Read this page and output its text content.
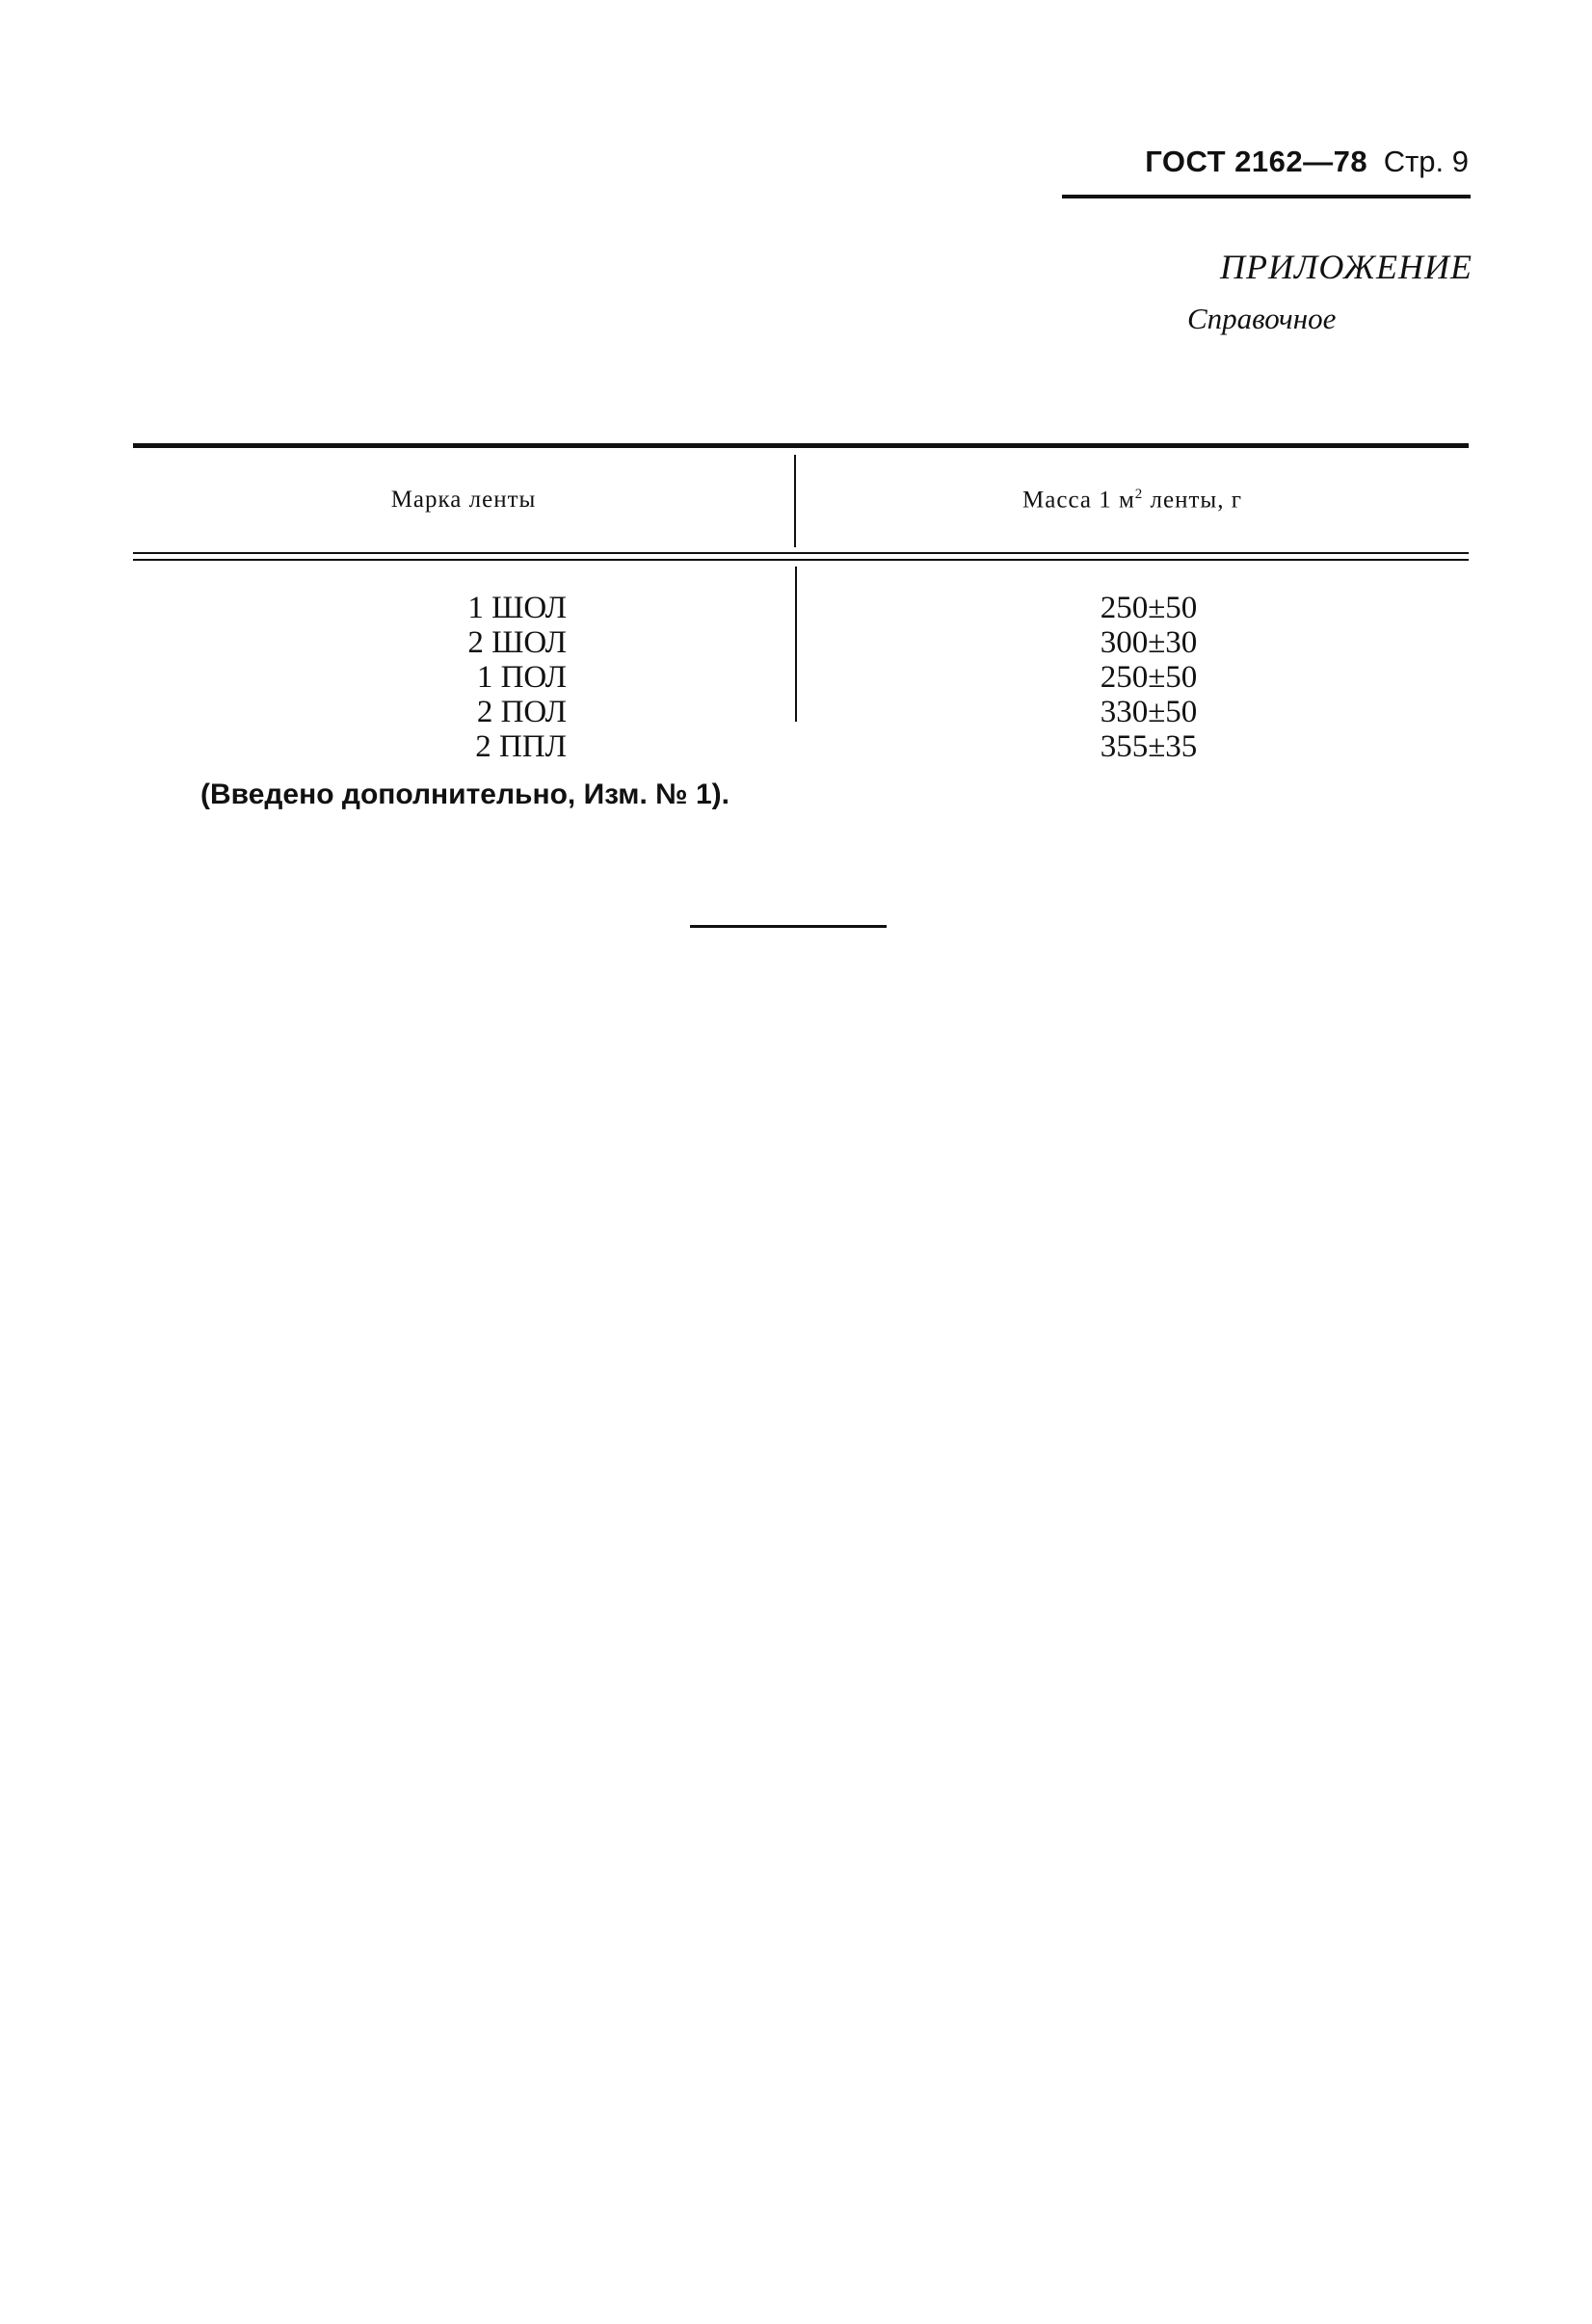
ГОСТ 2162—78 Стр. 9
ПРИЛОЖЕНИЕ
Справочное
Марка ленты	Масса 1 $м^2$ ленты, г
1 ШОЛ
2 ШОЛ
1 ПОЛ
2 ПОЛ
2 ППЛ
250±50
300±30
250±50
330±50
355±35
(Введено дополнительно, Изм. № 1).
